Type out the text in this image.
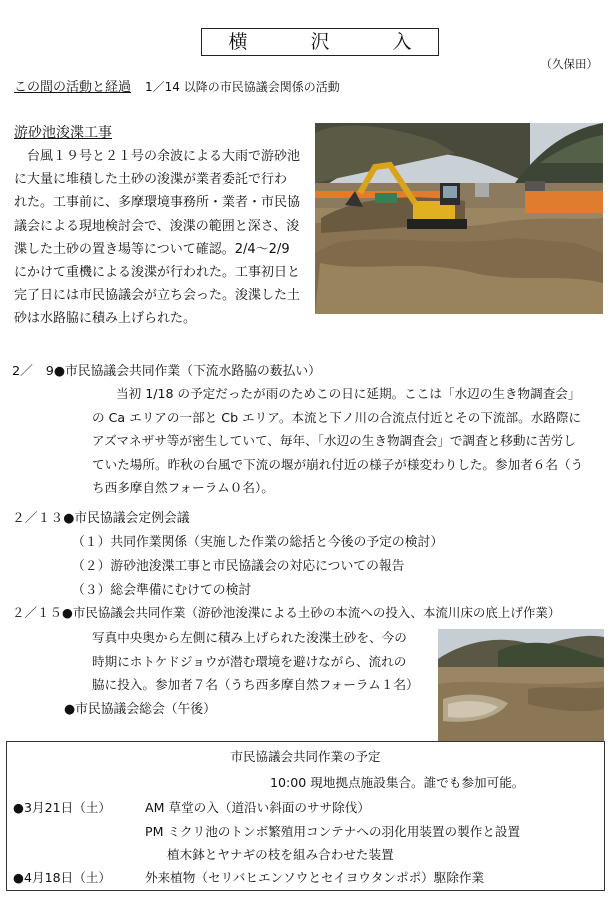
横	沢	入
（久保田）
この間の活動と経過 1／14 以降の市民協議会関係の活動
游砂池浚渫工事
　台風１９号と２１号の余波による大雨で游砂池
に大量に堆積した土砂の浚渫が業者委託で行わ
れた。工事前に、多摩環境事務所・業者・市民協
議会による現地検討会で、浚渫の範囲と深さ、浚
渫した土砂の置き場等について確認。2/4～2/9
にかけて重機による浚渫が行われた。工事初日と
完了日には市民協議会が立ち会った。浚渫した土
砂は水路脇に積み上げられた。
2／　9●市民協議会共同作業（下流水路脇の薮払い）
当初 1/18 の予定だったが雨のためこの日に延期。ここは「水辺の生き物調査会」
の Ca エリアの一部と Cb エリア。本流と下ノ川の合流点付近とその下流部。水路際に
アズマネザサ等が密生していて、毎年、「水辺の生き物調査会」で調査と移動に苦労し
ていた場所。昨秋の台風で下流の堰が崩れ付近の様子が様変わりした。参加者６名（う
ち西多摩自然フォーラム０名）。
２／１３●市民協議会定例会議
（１）共同作業関係（実施した作業の総括と今後の予定の検討）
（２）游砂池浚渫工事と市民協議会の対応についての報告
（３）総会準備にむけての検討
２／１５●市民協議会共同作業（游砂池浚渫による土砂の本流への投入、本流川床の底上げ作業）
写真中央奥から左側に積み上げられた浚渫土砂を、今の
時期にホトケドジョウが潜む環境を避けながら、流れの
脇に投入。参加者７名（うち西多摩自然フォーラム１名）
●市民協議会総会（午後）
市民協議会共同作業の予定
10:00 現地拠点施設集合。誰でも参加可能。
●3月21日（土）	AM 草堂の入（道沿い斜面のササ除伐）
PM ミクリ池のトンボ繁殖用コンテナへの羽化用装置の製作と設置
植木鉢とヤナギの枝を組み合わせた装置
●4月18日（土）	外来植物（セリバヒエンソウとセイヨウタンポポ）駆除作業
